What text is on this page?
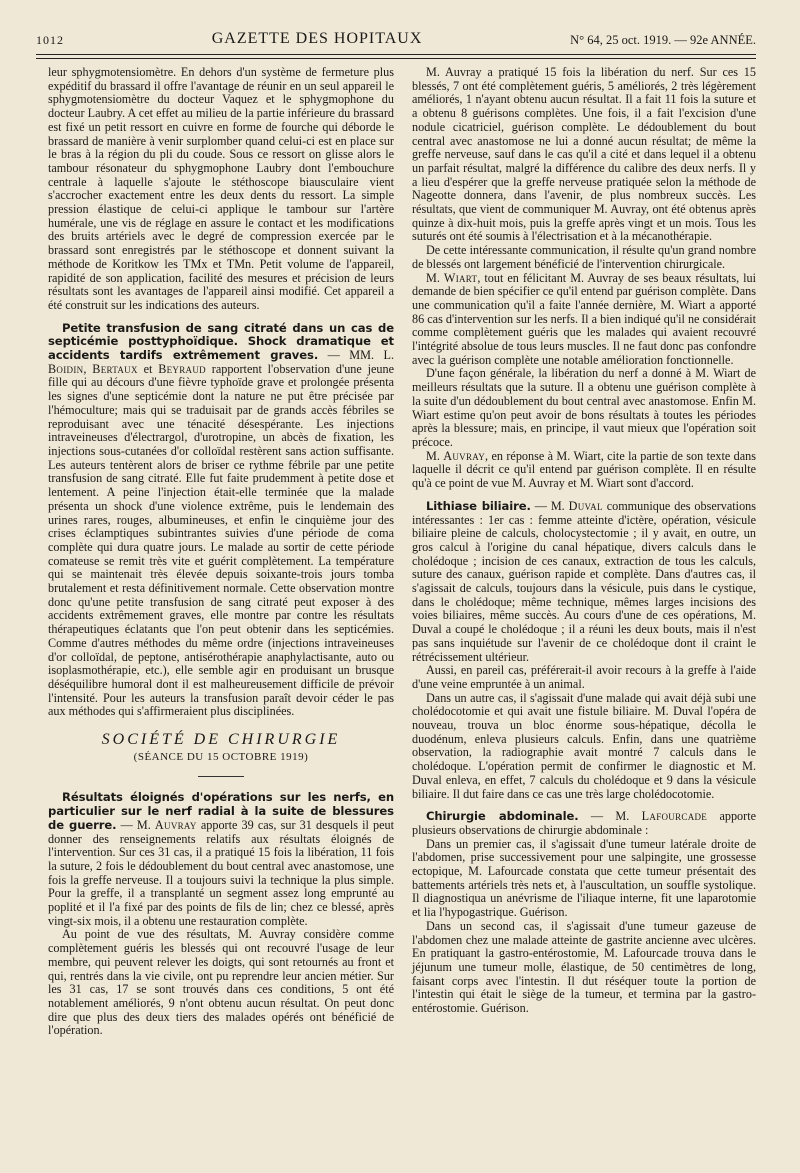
1012	GAZETTE DES HOPITAUX	N° 64, 25 oct. 1919. — 92e ANNÉE.

leur sphygmotensiomètre. En dehors d'un système de fermeture plus expéditif du brassard il offre l'avantage de réunir en un seul appareil le sphygmotensiomètre du docteur Vaquez et le sphygmophone du docteur Laubry. A cet effet au milieu de la partie inférieure du brassard est fixé un petit ressort en cuivre en forme de fourche qui déborde le brassard de manière à venir surplomber quand celui-ci est en place sur le bras à la région du pli du coude. Sous ce ressort on glisse alors le tambour résonateur du sphygmophone Laubry dont l'embouchure centrale à laquelle s'ajoute le stéthoscope biausculaire vient s'accrocher exactement entre les deux dents du ressort. La simple pression élastique de celui-ci applique le tambour sur l'artère humérale, une vis de réglage en assure le contact et les modifications des bruits artériels avec le degré de compression exercée par le brassard sont enregistrés par le stéthoscope et donnent suivant la méthode de Koritkow les TMx et TMn. Petit volume de l'appareil, rapidité de son application, facilité des mesures et précision de leurs résultats sont les avantages de l'appareil ainsi modifié. Cet appareil a été construit sur les indications des auteurs.

Petite transfusion de sang citraté dans un cas de septicémie posttyphoïdique. Shock dramatique et accidents tardifs extrêmement graves. — MM. L. Boidin, Bertaux et Beyraud rapportent l'observation d'une jeune fille qui au décours d'une fièvre typhoïde grave et prolongée présenta les signes d'une septicémie dont la nature ne put être précisée par l'hémoculture; mais qui se traduisait par de grands accès fébriles se reproduisant avec une ténacité désespérante. Les injections intraveineuses d'électrargol, d'urotropine, un abcès de fixation, les injections sous-cutanées d'or colloïdal restèrent sans action suffisante. Les auteurs tentèrent alors de briser ce rythme fébrile par une petite transfusion de sang citraté. Elle fut faite prudemment à petite dose et lentement. A peine l'injection était-elle terminée que la malade présenta un shock d'une violence extrême, puis le lendemain des urines rares, rouges, albumineuses, et enfin le cinquième jour des crises éclamptiques subintrantes suivies d'une période de coma complète qui dura quatre jours. Le malade au sortir de cette période comateuse se remit très vite et guérit complètement. La température qui se maintenait très élevée depuis soixante-trois jours tomba brutalement et resta définitivement normale. Cette observation montre donc qu'une petite transfusion de sang citraté peut exposer à des accidents extrêmement graves, elle montre par contre les résultats thérapeutiques éclatants que l'on peut obtenir dans les septicémies. Comme d'autres méthodes du même ordre (injections intraveineuses d'or colloïdal, de peptone, antisérothérapie anaphylactisante, auto ou isoplasmothérapie, etc.), elle semble agir en produisant un brusque déséquilibre humoral dont il est malheureusement difficile de prévoir l'intensité. Pour les auteurs la transfusion paraît devoir céder le pas aux méthodes qui s'affirmeraient plus disciplinées.

SOCIÉTÉ DE CHIRURGIE
(SÉANCE DU 15 OCTOBRE 1919)

Résultats éloignés d'opérations sur les nerfs, en particulier sur le nerf radial à la suite de blessures de guerre. — M. Auvray apporte 39 cas, sur 31 desquels il peut donner des renseignements relatifs aux résultats éloignés de l'intervention. Sur ces 31 cas, il a pratiqué 15 fois la libération, 11 fois la suture, 2 fois le dédoublement du bout central avec anastomose, une fois la greffe nerveuse. Il a toujours suivi la technique la plus simple. Pour la greffe, il a transplanté un segment assez long emprunté au poplité et il l'a fixé par des points de fils de lin; chez ce blessé, après vingt-six mois, il a obtenu une restauration complète.

Au point de vue des résultats, M. Auvray considère comme complètement guéris les blessés qui ont recouvré l'usage de leur membre, qui peuvent relever les doigts, qui sont retournés au front et qui, rentrés dans la vie civile, ont pu reprendre leur ancien métier. Sur les 31 cas, 17 se sont trouvés dans ces conditions, 5 ont été notablement améliorés, 9 n'ont obtenu aucun résultat. On peut donc dire que plus des deux tiers des malades opérés ont bénéficié de l'opération.

M. Auvray a pratiqué 15 fois la libération du nerf. Sur ces 15 blessés, 7 ont été complètement guéris, 5 améliorés, 2 très légèrement améliorés, 1 n'ayant obtenu aucun résultat. Il a fait 11 fois la suture et a obtenu 8 guérisons complètes. Une fois, il a fait l'excision d'une nodule cicatriciel, guérison complète. Le dédoublement du bout central avec anastomose ne lui a donné aucun résultat; de même la greffe nerveuse, sauf dans le cas qu'il a cité et dans lequel il a obtenu un parfait résultat, malgré la différence du calibre des deux nerfs. Il y a lieu d'espérer que la greffe nerveuse pratiquée selon la méthode de Nageotte donnera, dans l'avenir, de plus nombreux succès. Les résultats, que vient de communiquer M. Auvray, ont été obtenus après quinze à dix-huit mois, puis la greffe après vingt et un mois. Tous les suturés ont été soumis à l'électrisation et à la mécanothérapie.

De cette intéressante communication, il résulte qu'un grand nombre de blessés ont largement bénéficié de l'intervention chirurgicale.

M. Wiart, tout en félicitant M. Auvray de ses beaux résultats, lui demande de bien spécifier ce qu'il entend par guérison complète. Dans une communication qu'il a faite l'année dernière, M. Wiart a apporté 86 cas d'intervention sur les nerfs. Il a bien indiqué qu'il ne considérait comme complètement guéris que les malades qui avaient recouvré l'intégrité absolue de tous leurs muscles. Il ne faut donc pas confondre avec la guérison complète une notable amélioration fonctionnelle.

D'une façon générale, la libération du nerf a donné à M. Wiart de meilleurs résultats que la suture. Il a obtenu une guérison complète à la suite d'un dédoublement du bout central avec anastomose. Enfin M. Wiart estime qu'on peut avoir de bons résultats à toutes les périodes après la blessure; mais, en principe, il vaut mieux que l'opération soit précoce.

M. Auvray, en réponse à M. Wiart, cite la partie de son texte dans laquelle il décrit ce qu'il entend par guérison complète. Il en résulte qu'à ce point de vue M. Auvray et M. Wiart sont d'accord.

Lithiase biliaire. — M. Duval communique des observations intéressantes : 1er cas : femme atteinte d'ictère, opération, vésicule biliaire pleine de calculs, cholocystectomie ; il y avait, en outre, un gros calcul à l'origine du canal hépatique, divers calculs dans le cholédoque ; incision de ces canaux, extraction de tous les calculs, suture des canaux, guérison rapide et complète. Dans d'autres cas, il s'agissait de calculs, toujours dans la vésicule, puis dans le cystique, dans le cholédoque; même technique, mêmes larges incisions des voies biliaires, même succès. Au cours d'une de ces opérations, M. Duval a coupé le cholédoque ; il a réuni les deux bouts, mais il n'est pas sans inquiétude sur l'avenir de ce cholédoque dont il craint le rétrécissement ultérieur.

Aussi, en pareil cas, préférerait-il avoir recours à la greffe à l'aide d'une veine empruntée à un animal.

Dans un autre cas, il s'agissait d'une malade qui avait déjà subi une cholédocotomie et qui avait une fistule biliaire. M. Duval l'opéra de nouveau, trouva un bloc énorme sous-hépatique, décolla le duodénum, enleva plusieurs calculs. Enfin, dans une quatrième observation, la radiographie avait montré 7 calculs dans le cholédoque. L'opération permit de confirmer le diagnostic et M. Duval enleva, en effet, 7 calculs du cholédoque et 9 dans la vésicule biliaire. Il dut faire dans ce cas une très large cholédocotomie.

Chirurgie abdominale. — M. Lafourcade apporte plusieurs observations de chirurgie abdominale :

Dans un premier cas, il s'agissait d'une tumeur latérale droite de l'abdomen, prise successivement pour une salpingite, une grossesse ectopique, M. Lafourcade constata que cette tumeur présentait des battements artériels très nets et, à l'auscultation, un souffle systolique. Il diagnostiqua un anévrisme de l'iliaque interne, fit une laparotomie et lia l'hypogastrique. Guérison.

Dans un second cas, il s'agissait d'une tumeur gazeuse de l'abdomen chez une malade atteinte de gastrite ancienne avec ulcères. En pratiquant la gastro-entérostomie, M. Lafourcade trouva dans le jéjunum une tumeur molle, élastique, de 50 centimètres de long, faisant corps avec l'intestin. Il dut réséquer toute la portion de l'intestin qui était le siège de la tumeur, et termina par la gastro-entérostomie. Guérison.
